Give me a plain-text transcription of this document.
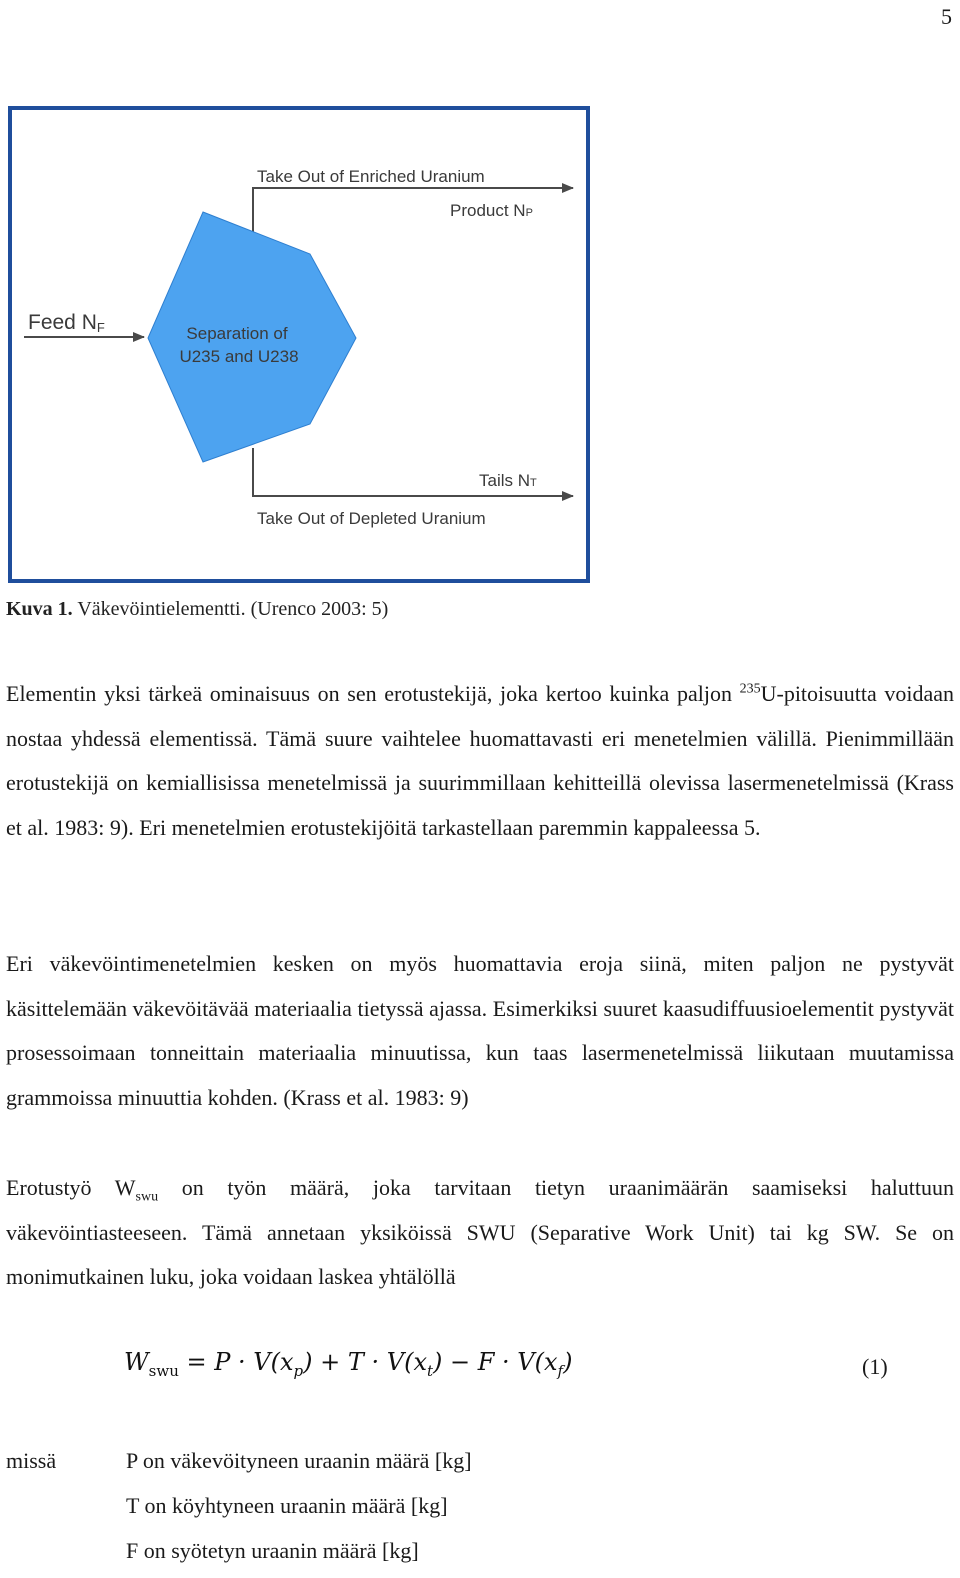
5
Take Out of Enriched Uranium
Product NP
Feed NF	Separation of
U235 and U238
Tails NT
Take Out of Depleted Uranium
Kuva 1. Väkevöintielementti. (Urenco 2003: 5)

Elementin yksi tärkeä ominaisuus on sen erotustekijä, joka kertoo kuinka paljon $^{235}$U-pitoisuutta voidaan nostaa yhdessä elementissä. Tämä suure vaihtelee huomattavasti eri menetelmien välillä. Pienimmillään erotustekijä on kemiallisissa menetelmissä ja suurimmillaan kehitteillä olevissa lasermenetelmissä (Krass et al. 1983: 9). Eri menetelmien erotustekijöitä tarkastellaan paremmin kappaleessa 5.

Eri väkevöintimenetelmien kesken on myös huomattavia eroja siinä, miten paljon ne pystyvät käsittelemään väkevöitävää materiaalia tietyssä ajassa. Esimerkiksi suuret kaasudiffuusioelementit pystyvät prosessoimaan tonneittain materiaalia minuutissa, kun taas lasermenetelmissä liikutaan muutamissa grammoissa minuuttia kohden. (Krass et al. 1983: 9)

Erotustyö $W_{swu}$ on työn määrä, joka tarvitaan tietyn uraanimäärän saamiseksi haluttuun väkevöintiasteeseen. Tämä annetaan yksiköissä SWU (Separative Work Unit) tai kg SW. Se on monimutkainen luku, joka voidaan laskea yhtälöllä

$W_{swu} = P \cdot V(x_p) + T \cdot V(x_t) - F \cdot V(x_f)$	(1)
missä	P on väkevöityneen uraanin määrä [kg]
T on köyhtyneen uraanin määrä [kg]
F on syötetyn uraanin määrä [kg]
